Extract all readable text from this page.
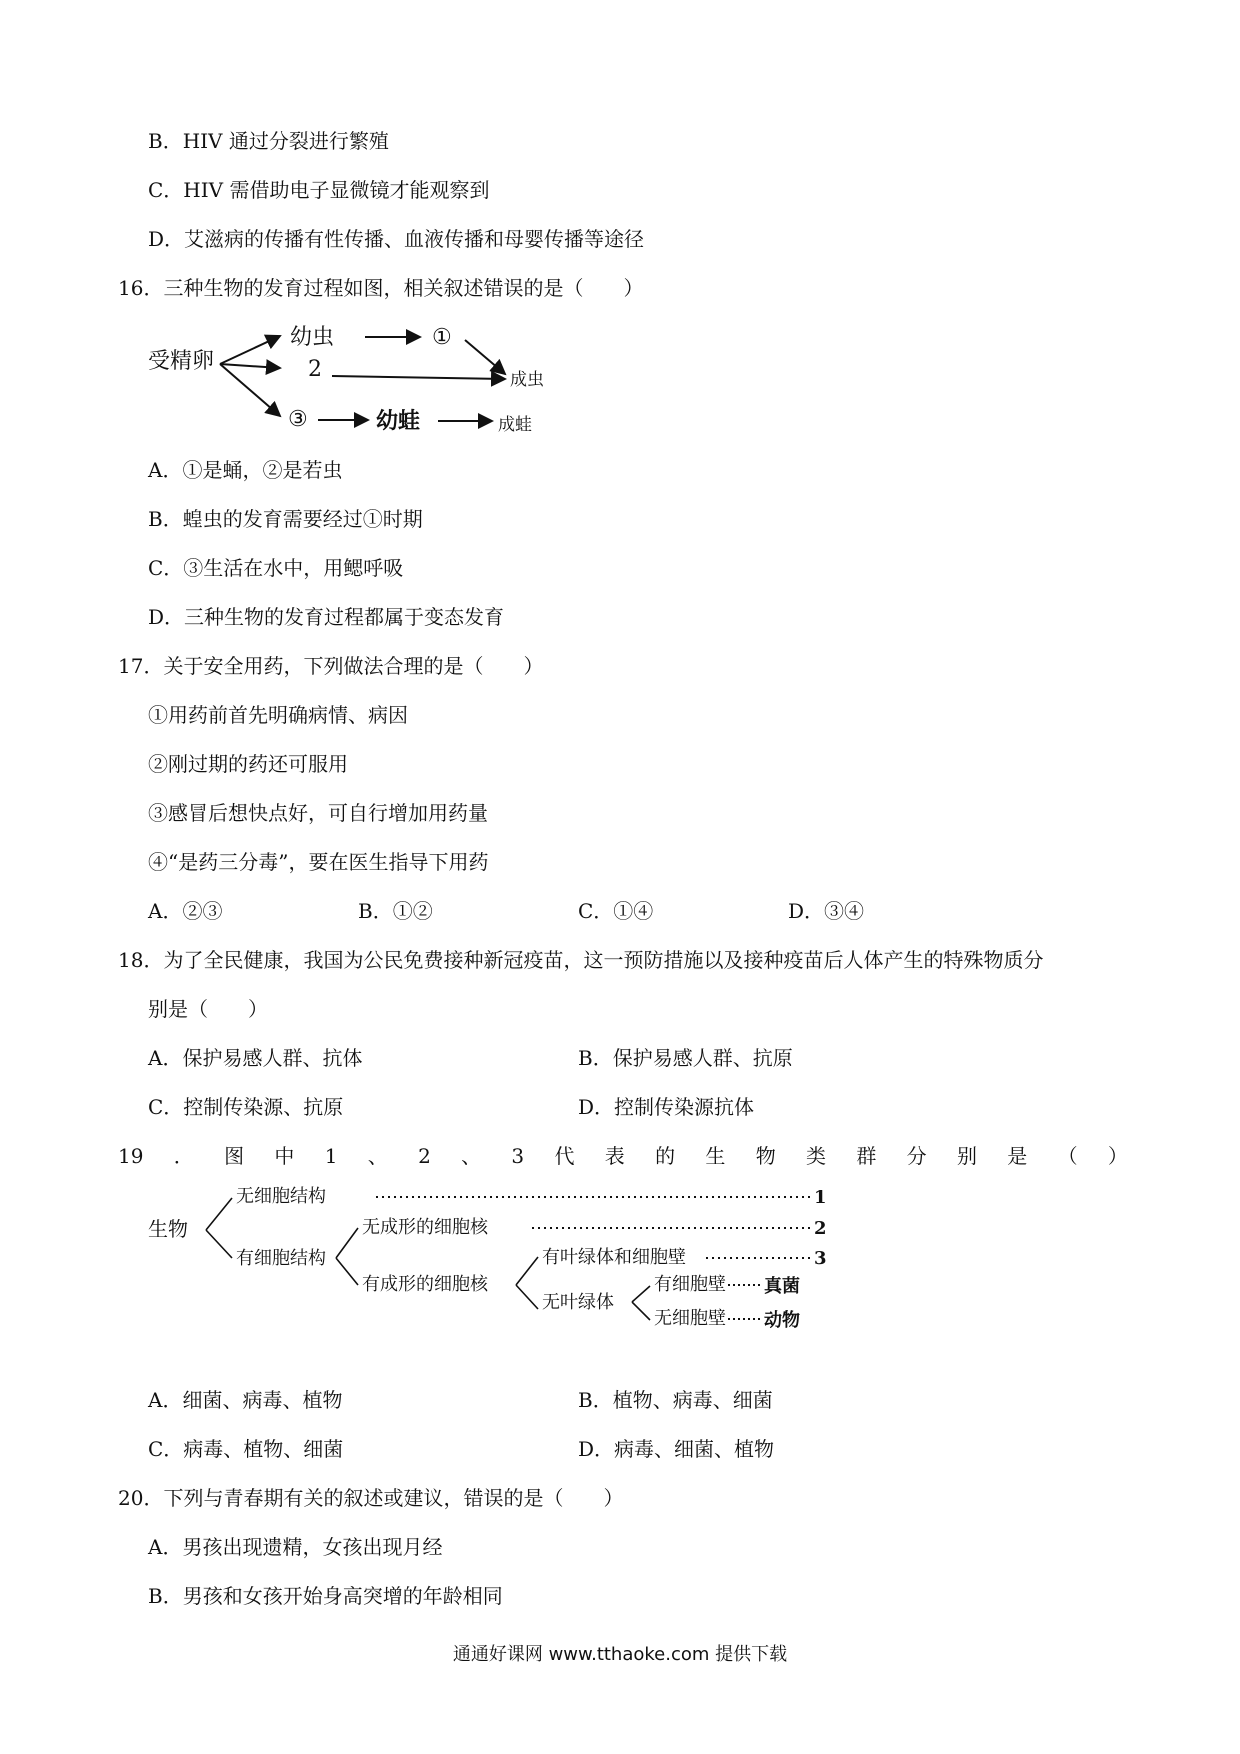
B．HIV 通过分裂进行繁殖
C．HIV 需借助电子显微镜才能观察到
D．艾滋病的传播有性传播、血液传播和母婴传播等途径
16．三种生物的发育过程如图，相关叙述错误的是（　　）
受精卵
幼虫	①
2	成虫
③	幼蛙	成蛙
A．①是蛹，②是若虫
B．蝗虫的发育需要经过①时期
C．③生活在水中，用鳃呼吸
D．三种生物的发育过程都属于变态发育
17．关于安全用药，下列做法合理的是（　　）
①用药前首先明确病情、病因
②刚过期的药还可服用
③感冒后想快点好，可自行增加用药量
④“是药三分毒”，要在医生指导下用药
A．②③	B．①②	C．①④	D．③④
18．为了全民健康，我国为公民免费接种新冠疫苗，这一预防措施以及接种疫苗后人体产生的特殊物质分
别是（　　）
A．保护易感人群、抗体	B．保护易感人群、抗原
C．控制传染源、抗原	D．控制传染源抗体
19 ． 图 中 1 、 2 、 3 代 表 的 生 物 类 群 分 别 是 （ ）
生物
无细胞结构
有细胞结构
1
无成形的细胞核	2
有成形的细胞核
有叶绿体和细胞壁	3
无叶绿体
有细胞壁 真菌
无细胞壁 动物
A．细菌、病毒、植物	B．植物、病毒、细菌
C．病毒、植物、细菌	D．病毒、细菌、植物
20．下列与青春期有关的叙述或建议，错误的是（　　）
A．男孩出现遗精，女孩出现月经
B．男孩和女孩开始身高突增的年龄相同
通通好课网 www.tthaoke.com 提供下载
